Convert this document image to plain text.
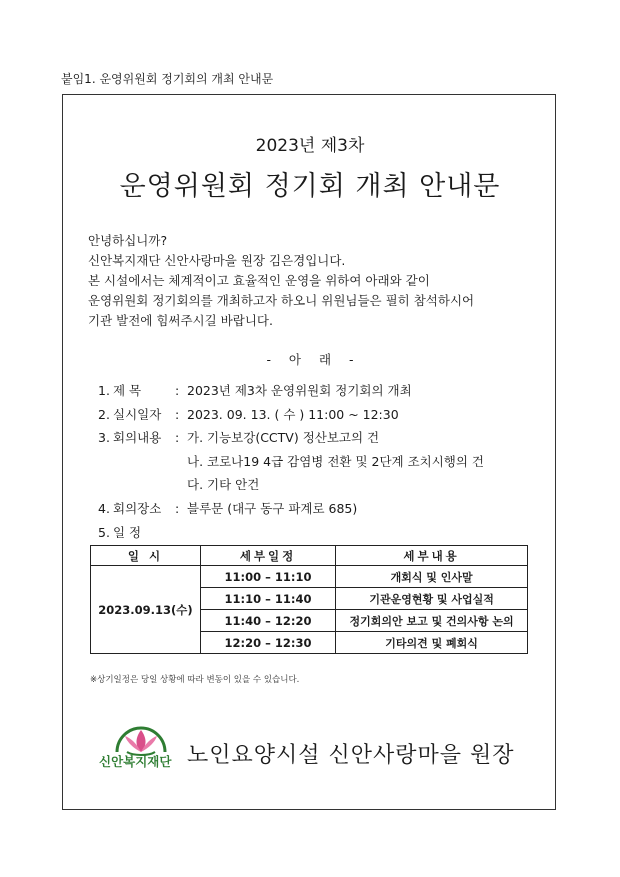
붙임1. 운영위원회 정기회의 개최 안내문
2023년 제3차
운영위원회 정기회 개최 안내문
안녕하십니까?
신안복지재단 신안사랑마을 원장 김은경입니다.
본 시설에서는 체계적이고 효율적인 운영을 위하여 아래와 같이
운영위원회 정기회의를 개최하고자 하오니 위원님들은 필히 참석하시어
기관 발전에 힘써주시길 바랍니다.
- 아 래 -
1. 제 목	: 2023년 제3차 운영위원회 정기회의 개최
2. 실시일자 : 2023. 09. 13. ( 수 ) 11:00 ~ 12:30
3. 회의내용 : 가. 기능보강(CCTV) 정산보고의 건
나. 코로나19 4급 감염병 전환 및 2단계 조치시행의 건
다. 기타 안건
4. 회의장소 : 블루문 (대구 동구 파계로 685)
5. 일 정
일 시	세부일정	세부내용
2023.09.13(수)	11:00 – 11:10	개회식 및 인사말
	11:10 – 11:40	기관운영현황 및 사업실적
	11:40 – 12:20	정기회의안 보고 및 건의사항 논의
	12:20 – 12:30	기타의견 및 폐회식
※상기일정은 당일 상황에 따라 변동이 있을 수 있습니다.
신안복지재단 노인요양시설 신안사랑마을 원장
